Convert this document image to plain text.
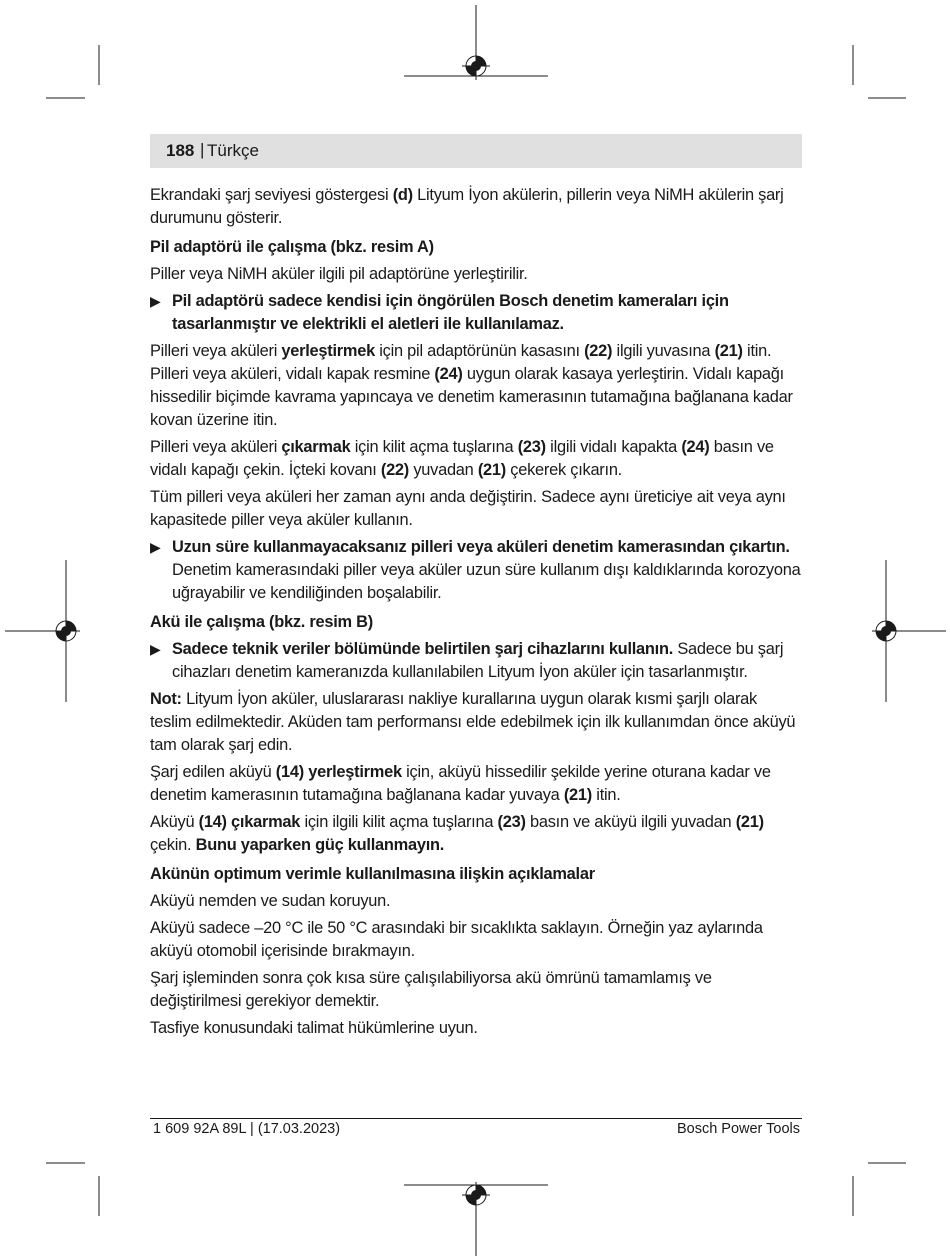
188 | Türkçe

Ekrandaki şarj seviyesi göstergesi (d) Lityum İyon akülerin, pillerin veya NiMH akülerin şarj durumunu gösterir.

Pil adaptörü ile çalışma (bkz. resim A)

Piller veya NiMH aküler ilgili pil adaptörüne yerleştirilir.

▶ Pil adaptörü sadece kendisi için öngörülen Bosch denetim kameraları için tasarlanmıştır ve elektrikli el aletleri ile kullanılamaz.

Pilleri veya aküleri yerleştirmek için pil adaptörünün kasasını (22) ilgili yuvasına (21) itin. Pilleri veya aküleri, vidalı kapak resmine (24) uygun olarak kasaya yerleştirin. Vidalı kapağı hissedilir biçimde kavrama yapıncaya ve denetim kamerasının tutamağına bağlanana kadar kovan üzerine itin.

Pilleri veya aküleri çıkarmak için kilit açma tuşlarına (23) ilgili vidalı kapakta (24) basın ve vidalı kapağı çekin. İçteki kovanı (22) yuvadan (21) çekerek çıkarın.

Tüm pilleri veya aküleri her zaman aynı anda değiştirin. Sadece aynı üreticiye ait veya aynı kapasitede piller veya aküler kullanın.

▶ Uzun süre kullanmayacaksanız pilleri veya aküleri denetim kamerasından çıkartın. Denetim kamerasındaki piller veya aküler uzun süre kullanım dışı kaldıklarında korozyona uğrayabilir ve kendiliğinden boşalabilir.
Akü ile çalışma (bkz. resim B)
▶ Sadece teknik veriler bölümünde belirtilen şarj cihazlarını kullanın. Sadece bu şarj cihazları denetim kameranızda kullanılabilen Lityum İyon aküler için tasarlanmıştır.

Not: Lityum İyon aküler, uluslararası nakliye kurallarına uygun olarak kısmi şarjlı olarak teslim edilmektedir. Aküden tam performansı elde edebilmek için ilk kullanımdan önce aküyü tam olarak şarj edin.

Şarj edilen aküyü (14) yerleştirmek için, aküyü hissedilir şekilde yerine oturana kadar ve denetim kamerasının tutamağına bağlanana kadar yuvaya (21) itin.

Aküyü (14) çıkarmak için ilgili kilit açma tuşlarına (23) basın ve aküyü ilgili yuvadan (21) çekin. Bunu yaparken güç kullanmayın.

Akünün optimum verimle kullanılmasına ilişkin açıklamalar

Aküyü nemden ve sudan koruyun.

Aküyü sadece –20 °C ile 50 °C arasındaki bir sıcaklıkta saklayın. Örneğin yaz aylarında aküyü otomobil içerisinde bırakmayın.

Şarj işleminden sonra çok kısa süre çalışılabiliyorsa akü ömrünü tamamlamış ve değiştirilmesi gerekiyor demektir.

Tasfiye konusundaki talimat hükümlerine uyun.

1 609 92A 89L | (17.03.2023)	Bosch Power Tools
